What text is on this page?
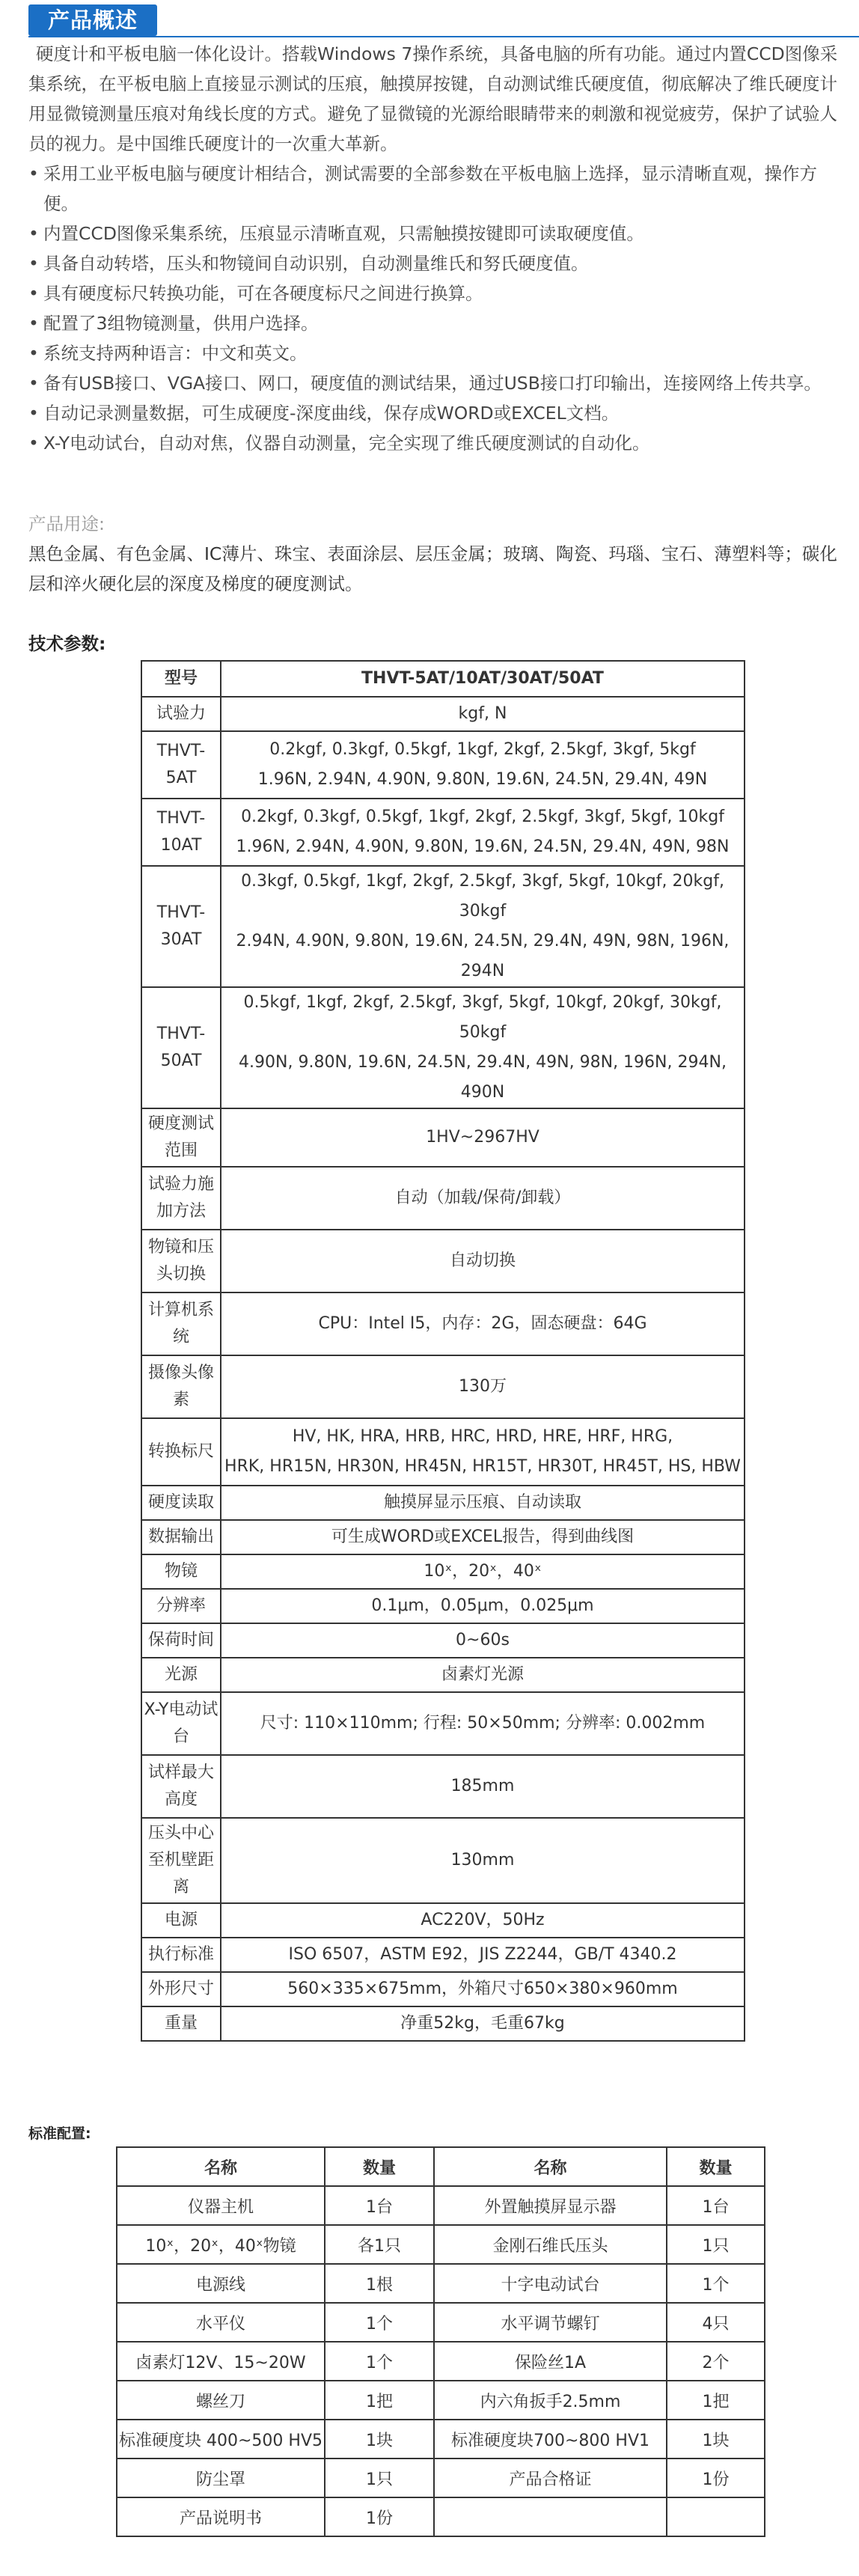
产品概述

硬度计和平板电脑一体化设计。搭载Windows 7操作系统，具备电脑的所有功能。通过内置CCD图像采集系统，在平板电脑上直接显示测试的压痕，触摸屏按键，自动测试维氏硬度值，彻底解决了维氏硬度计用显微镜测量压痕对角线长度的方式。避免了显微镜的光源给眼睛带来的刺激和视觉疲劳，保护了试验人员的视力。是中国维氏硬度计的一次重大革新。

• 采用工业平板电脑与硬度计相结合，测试需要的全部参数在平板电脑上选择，显示清晰直观，操作方便。
• 内置CCD图像采集系统，压痕显示清晰直观，只需触摸按键即可读取硬度值。
• 具备自动转塔，压头和物镜间自动识别，自动测量维氏和努氏硬度值。
• 具有硬度标尺转换功能，可在各硬度标尺之间进行换算。
• 配置了3组物镜测量，供用户选择。
• 系统支持两种语言：中文和英文。
• 备有USB接口、VGA接口、网口，硬度值的测试结果，通过USB接口打印输出，连接网络上传共享。
• 自动记录测量数据，可生成硬度-深度曲线，保存成WORD或EXCEL文档。
• X-Y电动试台，自动对焦，仪器自动测量，完全实现了维氏硬度测试的自动化。
产品用途:
黑色金属、有色金属、IC薄片、珠宝、表面涂层、层压金属；玻璃、陶瓷、玛瑙、宝石、薄塑料等；碳化层和淬火硬化层的深度及梯度的硬度测试。
技术参数:
型号	THVT-5AT/10AT/30AT/50AT
试验力	kgf, N
THVT-5AT	0.2kgf, 0.3kgf, 0.5kgf, 1kgf, 2kgf, 2.5kgf, 3kgf, 5kgf
1.96N, 2.94N, 4.90N, 9.80N, 19.6N, 24.5N, 29.4N, 49N
THVT-10AT	0.2kgf, 0.3kgf, 0.5kgf, 1kgf, 2kgf, 2.5kgf, 3kgf, 5kgf, 10kgf
1.96N, 2.94N, 4.90N, 9.80N, 19.6N, 24.5N, 29.4N, 49N, 98N
THVT-30AT	0.3kgf, 0.5kgf, 1kgf, 2kgf, 2.5kgf, 3kgf, 5kgf, 10kgf, 20kgf, 30kgf
2.94N, 4.90N, 9.80N, 19.6N, 24.5N, 29.4N, 49N, 98N, 196N, 294N
THVT-50AT	0.5kgf, 1kgf, 2kgf, 2.5kgf, 3kgf, 5kgf, 10kgf, 20kgf, 30kgf, 50kgf
4.90N, 9.80N, 19.6N, 24.5N, 29.4N, 49N, 98N, 196N, 294N, 490N
硬度测试范围	1HV~2967HV
试验力施加方法	自动（加载/保荷/卸载）
物镜和压头切换	自动切换
计算机系统	CPU：Intel I5，内存：2G，固态硬盘：64G
摄像头像素	130万
转换标尺	HV, HK, HRA, HRB, HRC, HRD, HRE, HRF, HRG,
HRK, HR15N, HR30N, HR45N, HR15T, HR30T, HR45T, HS, HBW
硬度读取	触摸屏显示压痕、自动读取
数据输出	可生成WORD或EXCEL报告，得到曲线图
物镜	10ˣ，20ˣ，40ˣ
分辨率	0.1μm，0.05μm，0.025μm
保荷时间	0~60s
光源	卤素灯光源
X-Y电动试台	尺寸: 110×110mm; 行程: 50×50mm; 分辨率: 0.002mm
试样最大高度	185mm
压头中心至机壁距离	130mm
电源	AC220V，50Hz
执行标准	ISO 6507，ASTM E92，JIS Z2244，GB/T 4340.2
外形尺寸	560×335×675mm，外箱尺寸650×380×960mm
重量	净重52kg，毛重67kg
标准配置:
名称	数量	名称	数量
仪器主机	1台	外置触摸屏显示器	1台
10ˣ，20ˣ，40ˣ物镜	各1只	金刚石维氏压头	1只
电源线	1根	十字电动试台	1个
水平仪	1个	水平调节螺钉	4只
卤素灯12V、15~20W	1个	保险丝1A	2个
螺丝刀	1把	内六角扳手2.5mm	1把
标准硬度块 400~500 HV5	1块	标准硬度块700~800 HV1	1块
防尘罩	1只	产品合格证	1份
产品说明书	1份		
